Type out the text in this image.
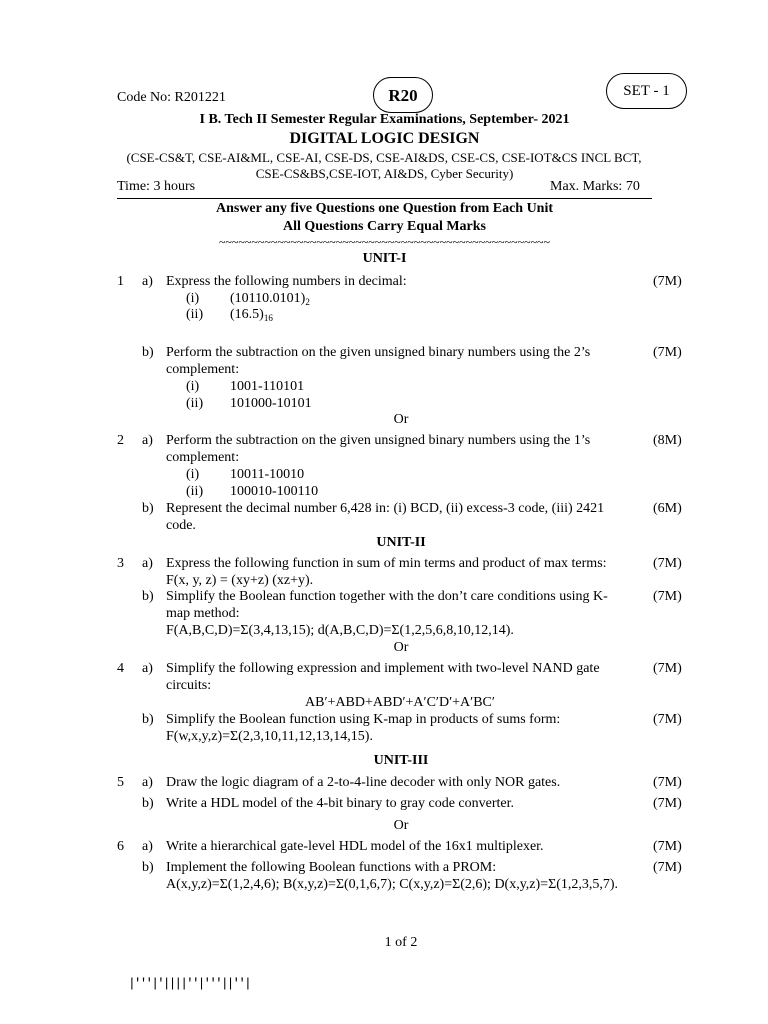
Code No: R201221	R20	SET - 1
I B. Tech II Semester Regular Examinations, September- 2021
DIGITAL LOGIC DESIGN
(CSE-CS&T, CSE-AI&ML, CSE-AI, CSE-DS, CSE-AI&DS, CSE-CS, CSE-IOT&CS INCL BCT,
CSE-CS&BS,CSE-IOT, AI&DS, Cyber Security)
Time: 3 hours	Max. Marks: 70
Answer any five Questions one Question from Each Unit
All Questions Carry Equal Marks
~~~~~~~~~~~~~~~~~~~~~~~~~~~~~~~~~~~~~~~~~~~~~~~~~~~
UNIT-I
1 a) Express the following numbers in decimal:	(7M)
(i) $(10110.0101)_2$
(ii) $(16.5)_{16}$
b) Perform the subtraction on the given unsigned binary numbers using the 2’s
complement:
(7M)
(i) 1001-110101
(ii) 101000-10101
Or
2 a) Perform the subtraction on the given unsigned binary numbers using the 1’s
complement:
(8M)
(i) 10011-10010
(ii) 100010-100110
b) Represent the decimal number 6,428 in: (i) BCD, (ii) excess-3 code, (iii) 2421
code.
(6M)
UNIT-II
3 a) Express the following function in sum of min terms and product of max terms:
F(x, y, z) = (xy+z) (xz+y).
(7M)
b) Simplify the Boolean function together with the don’t care conditions using K-
map method:
F(A,B,C,D)=Σ(3,4,13,15); d(A,B,C,D)=Σ(1,2,5,6,8,10,12,14).
(7M)
Or
4 a) Simplify the following expression and implement with two-level NAND gate
circuits:
(7M)
AB′+ABD+ABD′+A′C′D′+A′BC′
b) Simplify the Boolean function using K-map in products of sums form:
F(w,x,y,z)=Σ(2,3,10,11,12,13,14,15).
(7M)
UNIT-III
5 a) Draw the logic diagram of a 2-to-4-line decoder with only NOR gates.	(7M)
b) Write a HDL model of the 4-bit binary to gray code converter.	(7M)
Or
6 a) Write a hierarchical gate-level HDL model of the 16x1 multiplexer.	(7M)
b) Implement the following Boolean functions with a PROM:
A(x,y,z)=Σ(1,2,4,6); B(x,y,z)=Σ(0,1,6,7); C(x,y,z)=Σ(2,6); D(x,y,z)=Σ(1,2,3,5,7).
(7M)
1 of 2
|'''|'||||''|'''||''|
